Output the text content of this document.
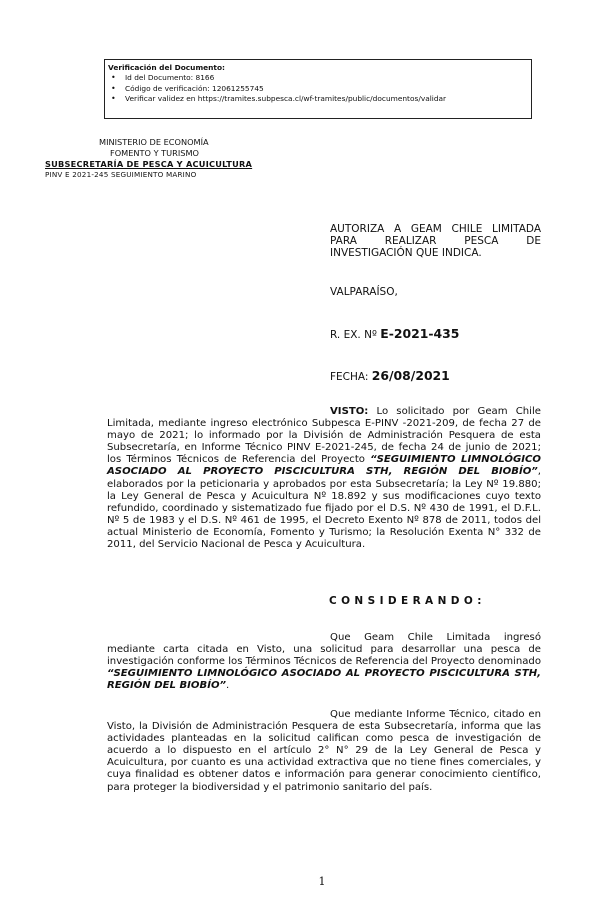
Verificación del Documento:
• Id del Documento: 8166
• Código de verificación: 12061255745
• Verificar validez en https://tramites.subpesca.cl/wf-tramites/public/documentos/validar
MINISTERIO DE ECONOMÍA
FOMENTO Y TURISMO
SUBSECRETARÍA DE PESCA Y ACUICULTURA
PINV E 2021-245 SEGUIMIENTO MARINO
AUTORIZA A GEAM CHILE LIMITADA PARA REALIZAR PESCA DE INVESTIGACIÓN QUE INDICA.
VALPARAÍSO,
R. EX. Nº E-2021-435
FECHA: 26/08/2021
VISTO: Lo solicitado por Geam Chile Limitada, mediante ingreso electrónico Subpesca E-PINV -2021-209, de fecha 27 de mayo de 2021; lo informado por la División de Administración Pesquera de esta Subsecretaría, en Informe Técnico PINV E-2021-245, de fecha 24 de junio de 2021; los Términos Técnicos de Referencia del Proyecto “SEGUIMIENTO LIMNOLÓGICO ASOCIADO AL PROYECTO PISCICULTURA STH, REGIÓN DEL BIOBÍO”, elaborados por la peticionaria y aprobados por esta Subsecretaría; la Ley Nº 19.880; la Ley General de Pesca y Acuicultura Nº 18.892 y sus modificaciones cuyo texto refundido, coordinado y sistematizado fue fijado por el D.S. Nº 430 de 1991, el D.F.L. Nº 5 de 1983 y el D.S. Nº 461 de 1995, el Decreto Exento Nº 878 de 2011, todos del actual Ministerio de Economía, Fomento y Turismo; la Resolución Exenta N° 332 de 2011, del Servicio Nacional de Pesca y Acuicultura.
CONSIDERANDO:
Que Geam Chile Limitada ingresó mediante carta citada en Visto, una solicitud para desarrollar una pesca de investigación conforme los Términos Técnicos de Referencia del Proyecto denominado “SEGUIMIENTO LIMNOLÓGICO ASOCIADO AL PROYECTO PISCICULTURA STH, REGIÓN DEL BIOBÍO”.
Que mediante Informe Técnico, citado en Visto, la División de Administración Pesquera de esta Subsecretaría, informa que las actividades planteadas en la solicitud califican como pesca de investigación de acuerdo a lo dispuesto en el artículo 2° N° 29 de la Ley General de Pesca y Acuicultura, por cuanto es una actividad extractiva que no tiene fines comerciales, y cuya finalidad es obtener datos e información para generar conocimiento científico, para proteger la biodiversidad y el patrimonio sanitario del país.
1
